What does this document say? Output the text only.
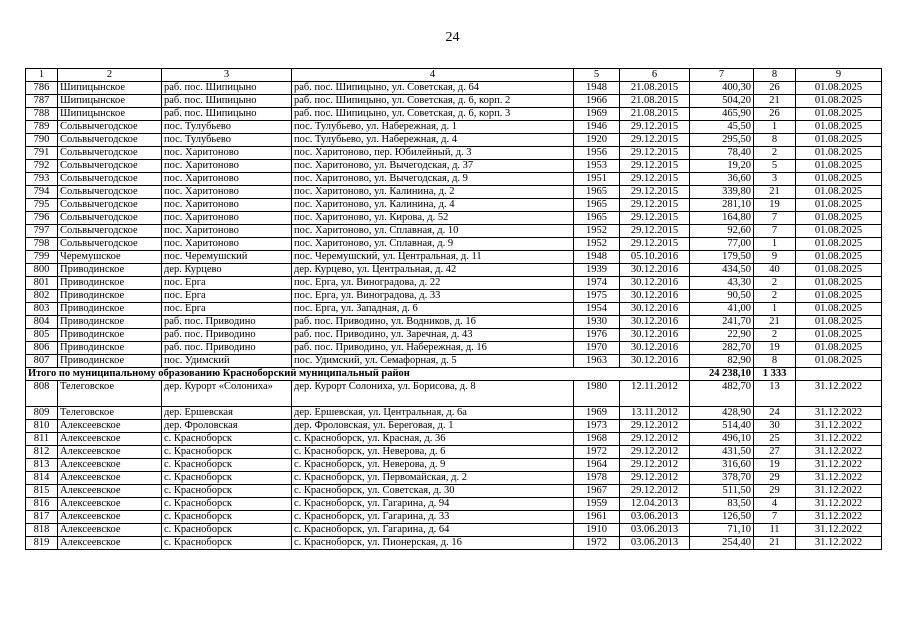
24
1	2	3	4	5	6	7	8	9
786	Шипицынское	раб. пос. Шипицыно	раб. пос. Шипицыно, ул. Советская, д. 64	1948	21.08.2015	400,30	26	01.08.2025
787	Шипицынское	раб. пос. Шипицыно	раб. пос. Шипицыно, ул. Советская, д. 6, корп. 2	1966	21.08.2015	504,20	21	01.08.2025
788	Шипицынское	раб. пос. Шипицыно	раб. пос. Шипицыно, ул. Советская, д. 6, корп. 3	1969	21.08.2015	465,90	26	01.08.2025
789	Сольвычегодское	пос. Тулубьево	пос. Тулубьево, ул. Набережная, д. 1	1946	29.12.2015	45,50	1	01.08.2025
790	Сольвычегодское	пос. Тулубьево	пос. Тулубьево, ул. Набережная, д. 4	1920	29.12.2015	295,50	8	01.08.2025
791	Сольвычегодское	пос. Харитоново	пос. Харитоново, пер. Юбилейный, д. 3	1956	29.12.2015	78,40	2	01.08.2025
792	Сольвычегодское	пос. Харитоново	пос. Харитоново, ул. Вычегодская, д. 37	1953	29.12.2015	19,20	5	01.08.2025
793	Сольвычегодское	пос. Харитоново	пос. Харитоново, ул. Вычегодская, д. 9	1951	29.12.2015	36,60	3	01.08.2025
794	Сольвычегодское	пос. Харитоново	пос. Харитоново, ул. Калинина, д. 2	1965	29.12.2015	339,80	21	01.08.2025
795	Сольвычегодское	пос. Харитоново	пос. Харитоново, ул. Калинина, д. 4	1965	29.12.2015	281,10	19	01.08.2025
796	Сольвычегодское	пос. Харитоново	пос. Харитоново, ул. Кирова, д. 52	1965	29.12.2015	164,80	7	01.08.2025
797	Сольвычегодское	пос. Харитоново	пос. Харитоново, ул. Сплавная, д. 10	1952	29.12.2015	92,60	7	01.08.2025
798	Сольвычегодское	пос. Харитоново	пос. Харитоново, ул. Сплавная, д. 9	1952	29.12.2015	77,00	1	01.08.2025
799	Черемушское	пос. Черемушский	пос. Черемушский, ул. Центральная, д. 11	1948	05.10.2016	179,50	9	01.08.2025
800	Приводинское	дер. Курцево	дер. Курцево, ул. Центральная, д. 42	1939	30.12.2016	434,50	40	01.08.2025
801	Приводинское	пос. Ерга	пос. Ерга, ул. Виноградова, д. 22	1974	30.12.2016	43,30	2	01.08.2025
802	Приводинское	пос. Ерга	пос. Ерга, ул. Виноградова, д. 33	1975	30.12.2016	90,50	2	01.08.2025
803	Приводинское	пос. Ерга	пос. Ерга, ул. Западная, д. 6	1954	30.12.2016	41,00	1	01.08.2025
804	Приводинское	раб. пос. Приводино	раб. пос. Приводино, ул. Водников, д. 16	1930	30.12.2016	241,70	21	01.08.2025
805	Приводинское	раб. пос. Приводино	раб. пос. Приводино, ул. Заречная, д. 43	1976	30.12.2016	22,90	2	01.08.2025
806	Приводинское	раб. пос. Приводино	раб. пос. Приводино, ул. Набережная, д. 16	1970	30.12.2016	282,70	19	01.08.2025
807	Приводинское	пос. Удимский	пос. Удимский, ул. Семафорная, д. 5	1963	30.12.2016	82,90	8	01.08.2025
Итого по муниципальному образованию Красноборский муниципальный район						24 238,10	1 333	
808	Телеговское	дер. Курорт «Солониха»	дер. Курорт Солониха, ул. Борисова, д. 8	1980	12.11.2012	482,70	13	31.12.2022
809	Телеговское	дер. Ершевская	дер. Ершевская, ул. Центральная, д. 6а	1969	13.11.2012	428,90	24	31.12.2022
810	Алексеевское	дер. Фроловская	дер. Фроловская, ул. Береговая, д. 1	1973	29.12.2012	514,40	30	31.12.2022
811	Алексеевское	с. Красноборск	с. Красноборск, ул. Красная, д. 36	1968	29.12.2012	496,10	25	31.12.2022
812	Алексеевское	с. Красноборск	с. Красноборск, ул. Неверова, д. 6	1972	29.12.2012	431,50	27	31.12.2022
813	Алексеевское	с. Красноборск	с. Красноборск, ул. Неверова, д. 9	1964	29.12.2012	316,60	19	31.12.2022
814	Алексеевское	с. Красноборск	с. Красноборск, ул. Первомайская, д. 2	1978	29.12.2012	378,70	29	31.12.2022
815	Алексеевское	с. Красноборск	с. Красноборск, ул. Советская, д. 30	1967	29.12.2012	511,50	29	31.12.2022
816	Алексеевское	с. Красноборск	с. Красноборск, ул. Гагарина, д. 94	1959	12.04.2013	83,50	4	31.12.2022
817	Алексеевское	с. Красноборск	с. Красноборск, ул. Гагарина, д. 33	1961	03.06.2013	126,50	7	31.12.2022
818	Алексеевское	с. Красноборск	с. Красноборск, ул. Гагарина, д. 64	1910	03.06.2013	71,10	11	31.12.2022
819	Алексеевское	с. Красноборск	с. Красноборск, ул. Пионерская, д. 16	1972	03.06.2013	254,40	21	31.12.2022
